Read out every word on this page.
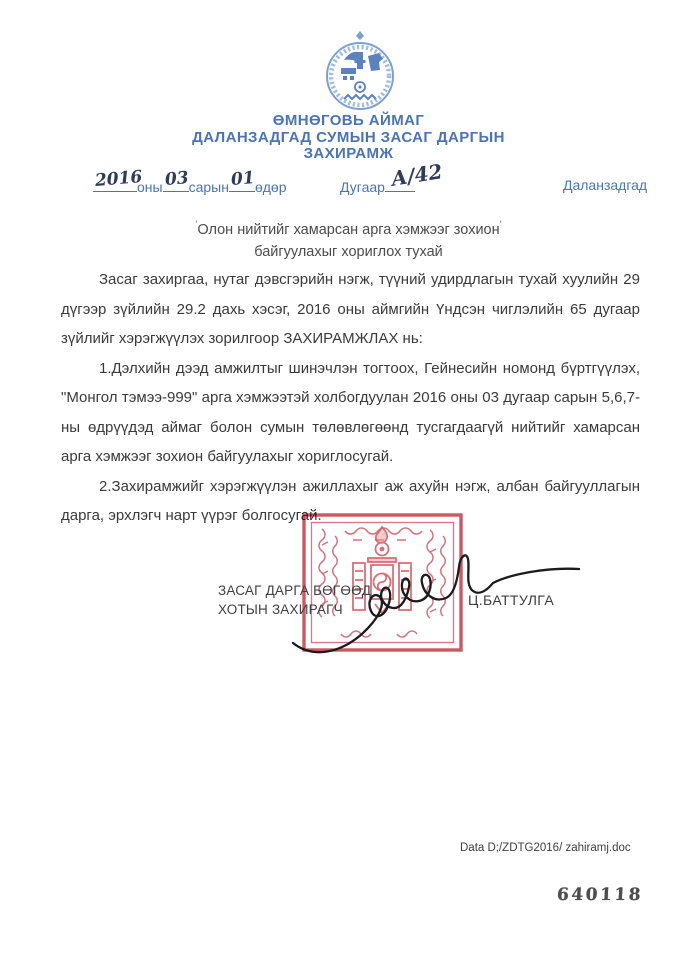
ӨМНӨГОВЬ АЙМАГ
ДАЛАНЗАДГАД СУМЫН ЗАСАГ ДАРГЫН
ЗАХИРАМЖ
2016
оны 03 сарын 01 өдөр	Дугаар А/42	Даланзадгад
'Олон нийтийг хамарсан арга хэмжээг зохион'
байгуулахыг хориглох тухай

Засаг захиргаа, нутаг дэвсгэрийн нэгж, түүний удирдлагын тухай хуулийн 29 дүгээр зүйлийн 29.2 дахь хэсэг, 2016 оны аймгийн Үндсэн чиглэлийн 65 дугаар зүйлийг хэрэгжүүлэх зорилгоор ЗАХИРАМЖЛАХ нь:

1.Дэлхийн дээд амжилтыг шинэчлэн тогтоох, Гейнесийн номонд бүртгүүлэх, "Монгол тэмээ-999" арга хэмжээтэй холбогдуулан 2016 оны 03 дугаар сарын 5,6,7-ны өдрүүдэд аймаг болон сумын төлөвлөгөөнд тусгагдаагүй нийтийг хамарсан арга хэмжээг зохион байгуулахыг хориглосугай.

2.Захирамжийг хэрэгжүүлэн ажиллахыг аж ахуйн нэгж, албан байгууллагын дарга, эрхлэгч нарт үүрэг болгосугай.

ЗАСАГ ДАРГА БӨГӨӨД
ХОТЫН ЗАХИРАГЧ
Ц.БАТТУЛГА
Data D;/ZDTG2016/ zahiramj.doc
640118
